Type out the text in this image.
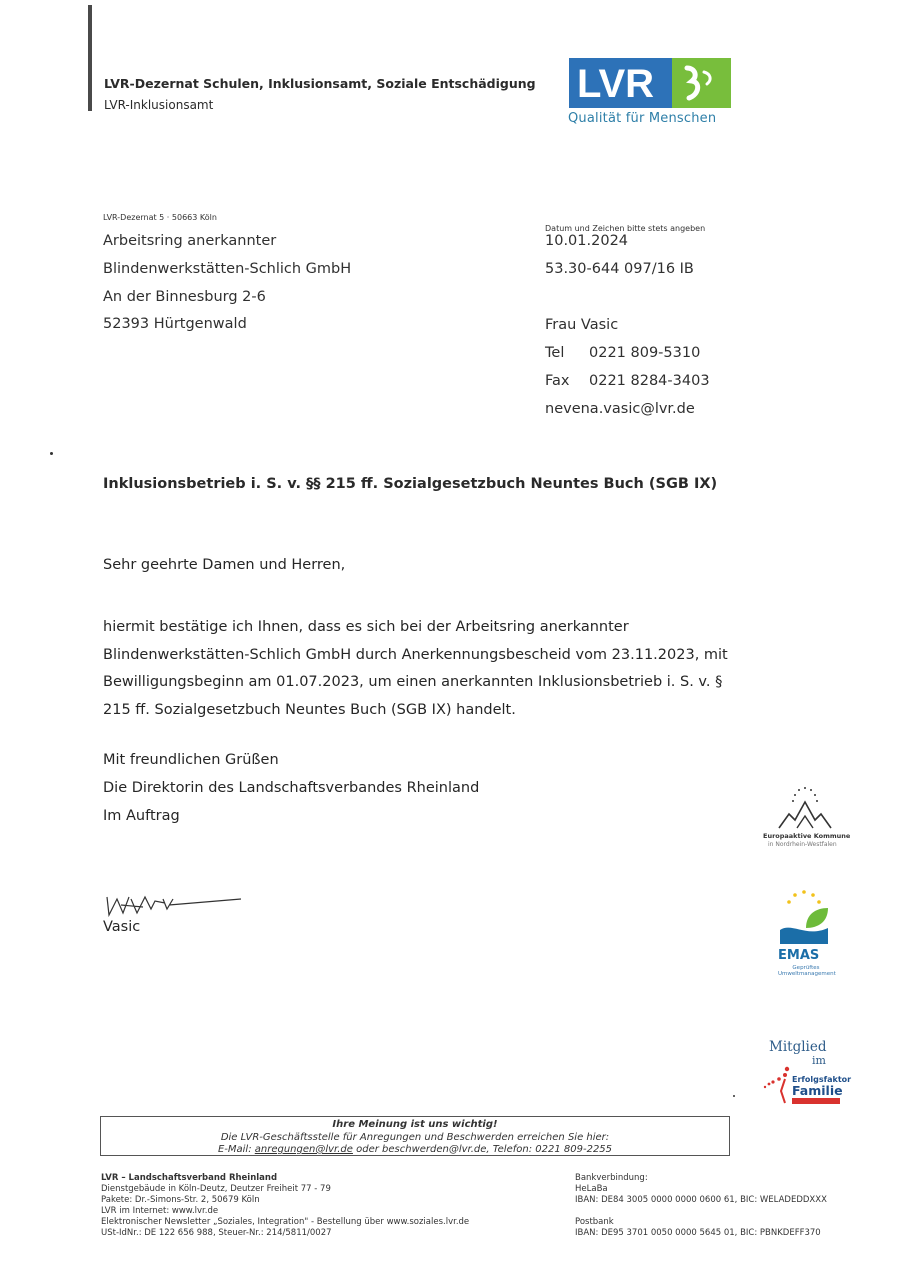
LVR-Dezernat Schulen, Inklusionsamt, Soziale Entschädigung
LVR-Inklusionsamt	LVR
Qualität für Menschen
LVR-Dezernat 5 · 50663 Köln
Arbeitsring anerkannter
Blindenwerkstätten-Schlich GmbH
An der Binnesburg 2-6
52393 Hürtgenwald
Datum und Zeichen bitte stets angeben
10.01.2024
53.30-644 097/16 IB
Frau Vasic
Tel 0221 809-5310
Fax 0221 8284-3403
nevena.vasic@lvr.de
Inklusionsbetrieb i. S. v. §§ 215 ff. Sozialgesetzbuch Neuntes Buch (SGB IX)
Sehr geehrte Damen und Herren,
hiermit bestätige ich Ihnen, dass es sich bei der Arbeitsring anerkannter Blindenwerkstätten-Schlich GmbH durch Anerkennungsbescheid vom 23.11.2023, mit Bewilligungsbeginn am 01.07.2023, um einen anerkannten Inklusionsbetrieb i. S. v. § 215 ff. Sozialgesetzbuch Neuntes Buch (SGB IX) handelt.
Mit freundlichen Grüßen
Die Direktorin des Landschaftsverbandes Rheinland
Im Auftrag
Vasic
Europaaktive Kommune
in Nordrhein-Westfalen
EMAS
Geprüftes Umweltmanagement
Mitglied
im
Erfolgsfaktor
Familie
Ihre Meinung ist uns wichtig!
Die LVR-Geschäftsstelle für Anregungen und Beschwerden erreichen Sie hier:
E-Mail: anregungen@lvr.de oder beschwerden@lvr.de, Telefon: 0221 809-2255
LVR – Landschaftsverband Rheinland
Dienstgebäude in Köln-Deutz, Deutzer Freiheit 77 - 79
Pakete: Dr.-Simons-Str. 2, 50679 Köln
LVR im Internet: www.lvr.de
Elektronischer Newsletter „Soziales, Integration" - Bestellung über www.soziales.lvr.de
USt-IdNr.: DE 122 656 988, Steuer-Nr.: 214/5811/0027
Bankverbindung:
HeLaBa
IBAN: DE84 3005 0000 0000 0600 61, BIC: WELADEDDXXX
Postbank
IBAN: DE95 3701 0050 0000 5645 01, BIC: PBNKDEFF370
